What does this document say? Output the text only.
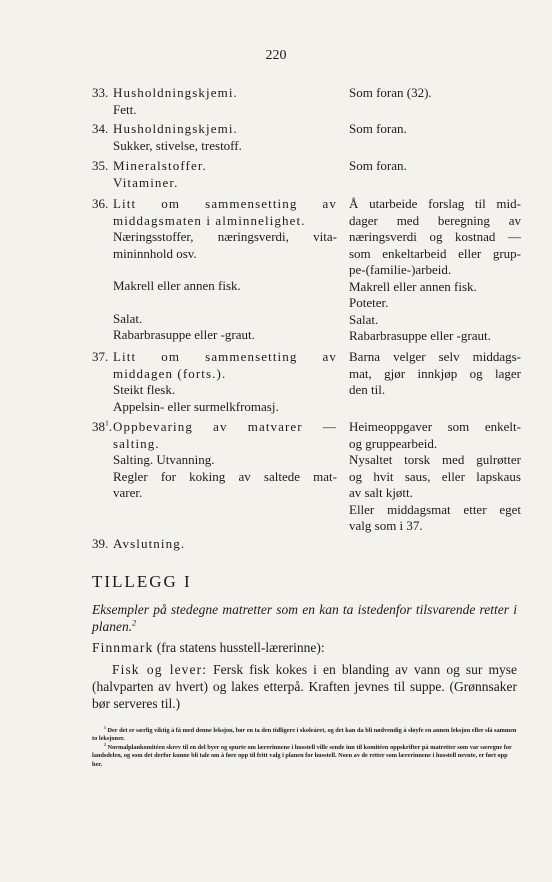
220
33. Husholdningskjemi.
Fett.
Som foran (32).
34. Husholdningskjemi.
Sukker, stivelse, trestoff.
Som foran.
35. Mineralstoffer.
Vitaminer.
Som foran.
36. Litt om sammensetting av
middagsmaten i alminnelighet.
Næringsstoffer, næringsverdi, vita-
mininnhold osv.
Makrell eller annen fisk.
Salat.
Rabarbrasuppe eller -graut.
Å utarbeide forslag til mid-
dager med beregning av
næringsverdi og kostnad —
som enkeltarbeid eller grup-
pe-(familie-)arbeid.
Makrell eller annen fisk.
Poteter.
Salat.
Rabarbrasuppe eller -graut.
37. Litt om sammensetting av
middagen (forts.).
Steikt flesk.
Appelsin- eller surmelkfromasj.
Barna velger selv middags-
mat, gjør innkjøp og lager
den til.
$38^1$. Oppbevaring av matvarer —
salting.
Salting. Utvanning.
Regler for koking av saltede mat-
varer.
Heimeoppgaver som enkelt-
og gruppearbeid.
Nysaltet torsk med gulrøtter
og hvit saus, eller lapskaus
av salt kjøtt.
Eller middagsmat etter eget
valg som i 37.
39. Avslutning.
TILLEGG I
Eksempler på stedegne matretter som en kan ta istedenfor tilsvarende retter i planen.$^2$
Finnmark (fra statens husstell-lærerinne):
Fisk og lever: Fersk fisk kokes i en blanding av vann og sur myse (halvparten av hvert) og lakes etterpå. Kraften jevnes til suppe. (Grønnsaker bør serveres til.)
$^1$ Der det er særlig viktig å få med denne leksjon, bør en ta den tidligere i skoleåret, og det kan da bli nødvendig å sløyfe en annen leksjon eller slå sammen to leksjoner.
$^2$ Normalplankomitéen skrev til en del byer og spurte om lærerinnene i husstell ville sende inn til komitéen oppskrifter på matretter som var særegne for landsdelen, og som det derfor kunne bli tale om å føre opp til fritt valg i planen for husstell. Noen av de retter som lærerinnene i husstell nevnte, er ført opp her.
